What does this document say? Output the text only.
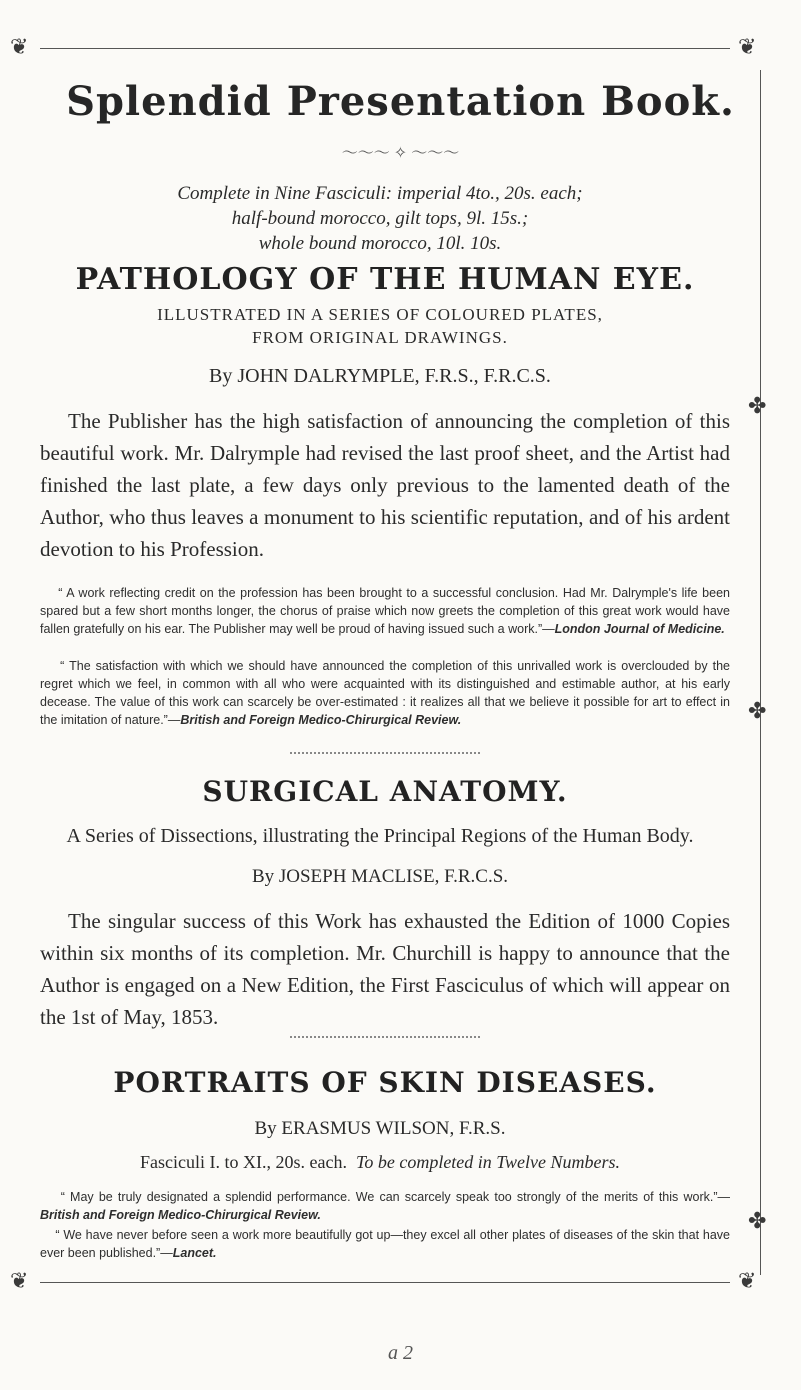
❦	❦
✤
✤
✤
Splendid Presentation Book.
～～～ ✧ ～～～
Complete in Nine Fasciculi: imperial 4to., 20s. each;
half-bound morocco, gilt tops, 9l. 15s.;
whole bound morocco, 10l. 10s.
PATHOLOGY OF THE HUMAN EYE.
ILLUSTRATED IN A SERIES OF COLOURED PLATES,
FROM ORIGINAL DRAWINGS.
By JOHN DALRYMPLE, F.R.S., F.R.C.S.
The Publisher has the high satisfaction of announcing the completion of this beautiful work. Mr. Dalrymple had revised the last proof sheet, and the Artist had finished the last plate, a few days only previous to the lamented death of the Author, who thus leaves a monument to his scientific reputation, and of his ardent devotion to his Profession.
“ A work reflecting credit on the profession has been brought to a successful conclusion. Had Mr. Dalrymple's life been spared but a few short months longer, the chorus of praise which now greets the completion of this great work would have fallen gratefully on his ear. The Publisher may well be proud of having issued such a work.”—London Journal of Medicine.
“ The satisfaction with which we should have announced the completion of this unrivalled work is overclouded by the regret which we feel, in common with all who were acquainted with its distinguished and estimable author, at his early decease. The value of this work can scarcely be over-estimated : it realizes all that we believe it possible for art to effect in the imitation of nature.”—British and Foreign Medico-Chirurgical Review.
SURGICAL ANATOMY.
A Series of Dissections, illustrating the Principal Regions of the Human Body.
By JOSEPH MACLISE, F.R.C.S.
The singular success of this Work has exhausted the Edition of 1000 Copies within six months of its completion. Mr. Churchill is happy to announce that the Author is engaged on a New Edition, the First Fasciculus of which will appear on the 1st of May, 1853.
PORTRAITS OF SKIN DISEASES.
By ERASMUS WILSON, F.R.S.
Fasciculi I. to XI., 20s. each. To be completed in Twelve Numbers.
“ May be truly designated a splendid performance. We can scarcely speak too strongly of the merits of this work.”—British and Foreign Medico-Chirurgical Review.
“ We have never before seen a work more beautifully got up—they excel all other plates of diseases of the skin that have ever been published.”—Lancet.
❦	❦
a 2
